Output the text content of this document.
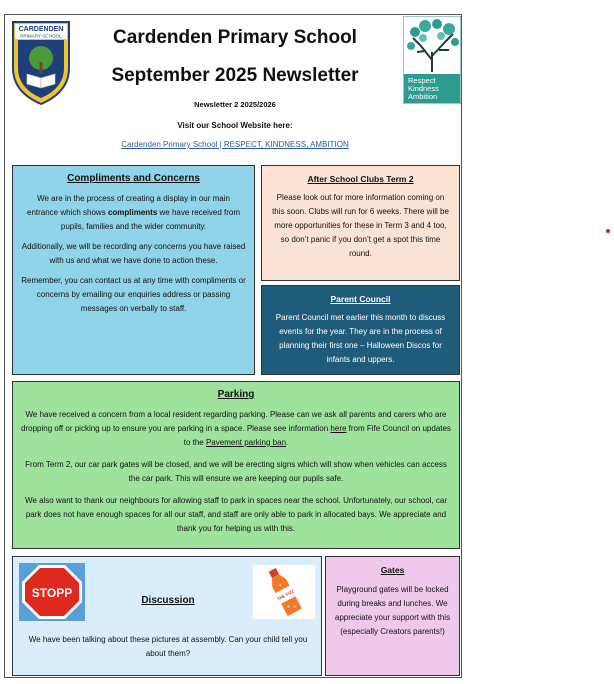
CARDENDEN
PRIMARY SCHOOL	Cardenden Primary School
September 2025 Newsletter
Newsletter 2 2025/2026
Visit our School Website here:
Cardenden Primary School | RESPECT, KINDNESS, AMBITION
Respect
Kindness
Ambition
Compliments and Concerns

We are in the process of creating a display in our main entrance which shows compliments we have received from pupils, families and the wider community.

Additionally, we will be recording any concerns you have raised with us and what we have done to action these.

Remember, you can contact us at any time with compliments or concerns by emailing our enquiries address or passing messages on verbally to staff.

After School Clubs Term 2

Please look out for more information coming on this soon. Clubs will run for 6 weeks. There will be more opportunities for these in Term 3 and 4 too, so don’t panic if you don’t get a spot this time round.

Parent Council

Parent Council met earlier this month to discuss events for the year. They are in the process of planning their first one – Halloween Discos for infants and uppers.

Parking

We have received a concern from a local resident regarding parking. Please can we ask all parents and carers who are dropping off or picking up to ensure you are parking in a space. Please see information here from Fife Council on updates to the Pavement parking ban.

From Term 2, our car park gates will be closed, and we will be erecting signs which will show when vehicles can access the car park. This will ensure we are keeping our pupils safe.

We also want to thank our neighbours for allowing staff to park in spaces near the school. Unfortunately, our school, car park does not have enough spaces for all our staff, and staff are only able to park in allocated bays. We appreciate and thank you for helping us with this.

STOPP	THE FIZZ
Discussion

We have been talking about these pictures at assembly. Can your child tell you about them?

Gates

Playground gates will be locked during breaks and lunches. We appreciate your support with this (especially Creators parents!)
